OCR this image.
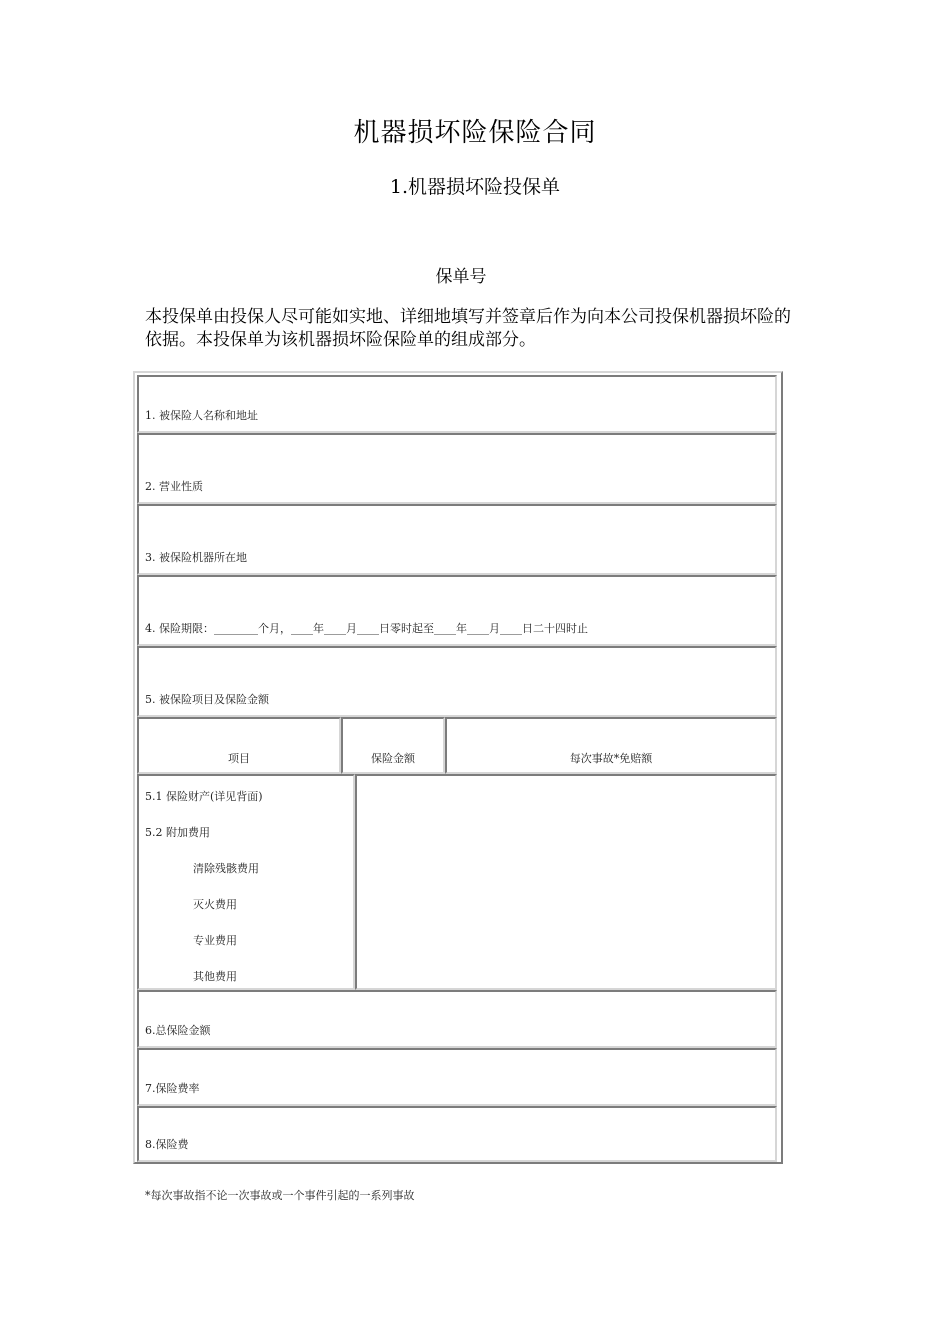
机器损坏险保险合同
1.机器损坏险投保单
保单号
本投保单由投保人尽可能如实地、详细地填写并签章后作为向本公司投保机器损坏险的依据。本投保单为该机器损坏险保险单的组成部分。
1. 被保险人名称和地址
2. 营业性质
3. 被保险机器所在地
4. 保险期限：________个月，____年____月____日零时起至____年____月____日二十四时止
5. 被保险项目及保险金额
项目	保险金额	每次事故*免赔额
5.1 保险财产(详见背面)
5.2 附加费用
清除残骸费用
灭火费用
专业费用
其他费用
6.总保险金额
7.保险费率
8.保险费
*每次事故指不论一次事故或一个事件引起的一系列事故
